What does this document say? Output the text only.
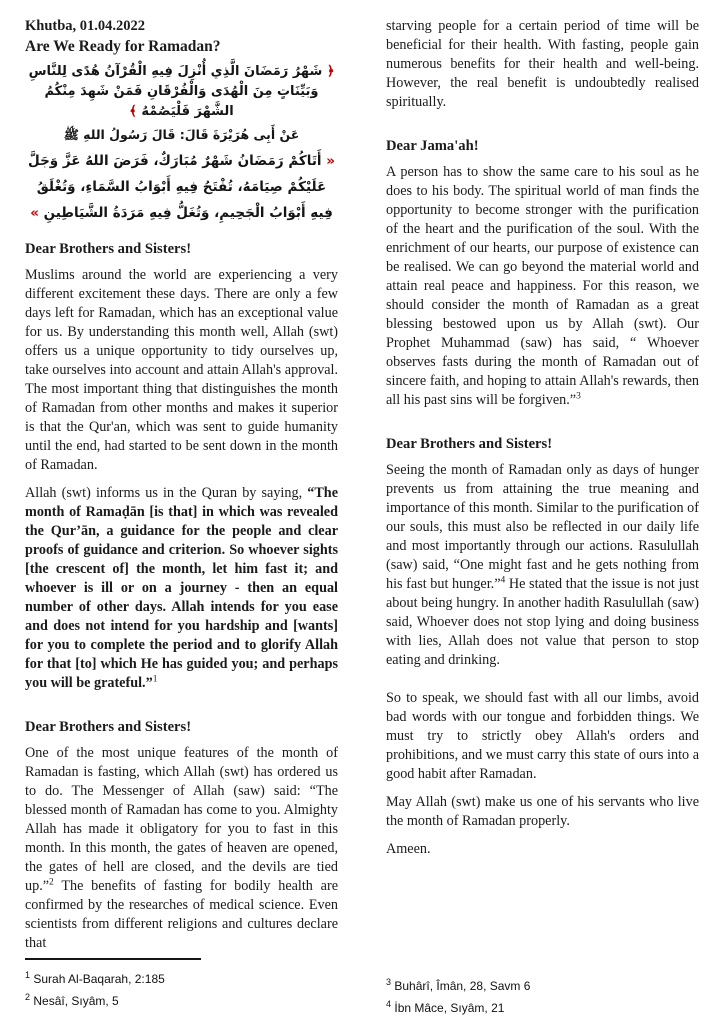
Khutba, 01.04.2022
Are We Ready for Ramadan?
﴿ شَهْرُ رَمَضَانَ الَّذِي أُنْزِلَ فِيهِ الْقُرْآنُ هُدًى لِلنَّاسِ وَبَيِّنَاتٍ مِنَ الْهُدَى وَالْفُرْقَانِ فَمَنْ شَهِدَ مِنْكُمُ الشَّهْرَ فَلْيَصُمْهُ ﴾
عَنْ أَبِى هُرَيْرَةَ قَالَ: قَالَ رَسُولُ اللهِ ﷺ
« أَتَاكُمْ رَمَضَانُ شَهْرٌ مُبَارَكٌ، فَرَضَ اللهُ عَزَّ وَجَلَّ عَلَيْكُمْ صِيَامَهُ، تُفْتَحُ فِيهِ أَبْوَابُ السَّمَاءِ، وَتُغْلَقُ فِيهِ أَبْوَابُ الْجَحِيمِ، وَتُغَلُّ فِيهِ مَرَدَةُ الشَّيَاطِينِ »
Dear Brothers and Sisters!

Muslims around the world are experiencing a very different excitement these days. There are only a few days left for Ramadan, which has an exceptional value for us. By understanding this month well, Allah (swt) offers us a unique opportunity to tidy ourselves up, take ourselves into account and attain Allah's approval. The most important thing that distinguishes the month of Ramadan from other months and makes it superior is that the Qur'an, which was sent to guide humanity until the end, had started to be sent down in the month of Ramadan.

Allah (swt) informs us in the Quran by saying, “The month of Ramaḍān [is that] in which was revealed the Qur’ān, a guidance for the people and clear proofs of guidance and criterion. So whoever sights [the crescent of] the month, let him fast it; and whoever is ill or on a journey - then an equal number of other days. Allah intends for you ease and does not intend for you hardship and [wants] for you to complete the period and to glorify Allah for that [to] which He has guided you; and perhaps you will be grateful.”$^1$

Dear Brothers and Sisters!

One of the most unique features of the month of Ramadan is fasting, which Allah (swt) has ordered us to do. The Messenger of Allah (saw) said: “The blessed month of Ramadan has come to you. Almighty Allah has made it obligatory for you to fast in this month. In this month, the gates of heaven are opened, the gates of hell are closed, and the devils are tied up.”$^2$ The benefits of fasting for bodily health are confirmed by the researches of medical science. Even scientists from different religions and cultures declare that

starving people for a certain period of time will be beneficial for their health. With fasting, people gain numerous benefits for their health and well-being. However, the real benefit is undoubtedly realised spiritually.

Dear Jama'ah!

A person has to show the same care to his soul as he does to his body. The spiritual world of man finds the opportunity to become stronger with the purification of the heart and the purification of the soul. With the enrichment of our hearts, our purpose of existence can be realised. We can go beyond the material world and attain real peace and happiness. For this reason, we should consider the month of Ramadan as a great blessing bestowed upon us by Allah (swt). Our Prophet Muhammad (saw) has said, “ Whoever observes fasts during the month of Ramadan out of sincere faith, and hoping to attain Allah's rewards, then all his past sins will be forgiven.”$^3$

Dear Brothers and Sisters!

Seeing the month of Ramadan only as days of hunger prevents us from attaining the true meaning and importance of this month. Similar to the purification of our souls, this must also be reflected in our daily life and most importantly through our actions. Rasulullah (saw) said, “One might fast and he gets nothing from his fast but hunger.”$^4$ He stated that the issue is not just about being hungry. In another hadith Rasulullah (saw) said, Whoever does not stop lying and doing business with lies, Allah does not value that person to stop eating and drinking.

So to speak, we should fast with all our limbs, avoid bad words with our tongue and forbidden things. We must try to strictly obey Allah's orders and prohibitions, and we must carry this state of ours into a good habit after Ramadan.

May Allah (swt) make us one of his servants who live the month of Ramadan properly.

Ameen.

$^1$ Surah Al-Baqarah, 2:185
$^2$ Nesâî, Sıyâm, 5
$^3$ Buhârî, Îmân, 28, Savm 6
$^4$ İbn Mâce, Sıyâm, 21
